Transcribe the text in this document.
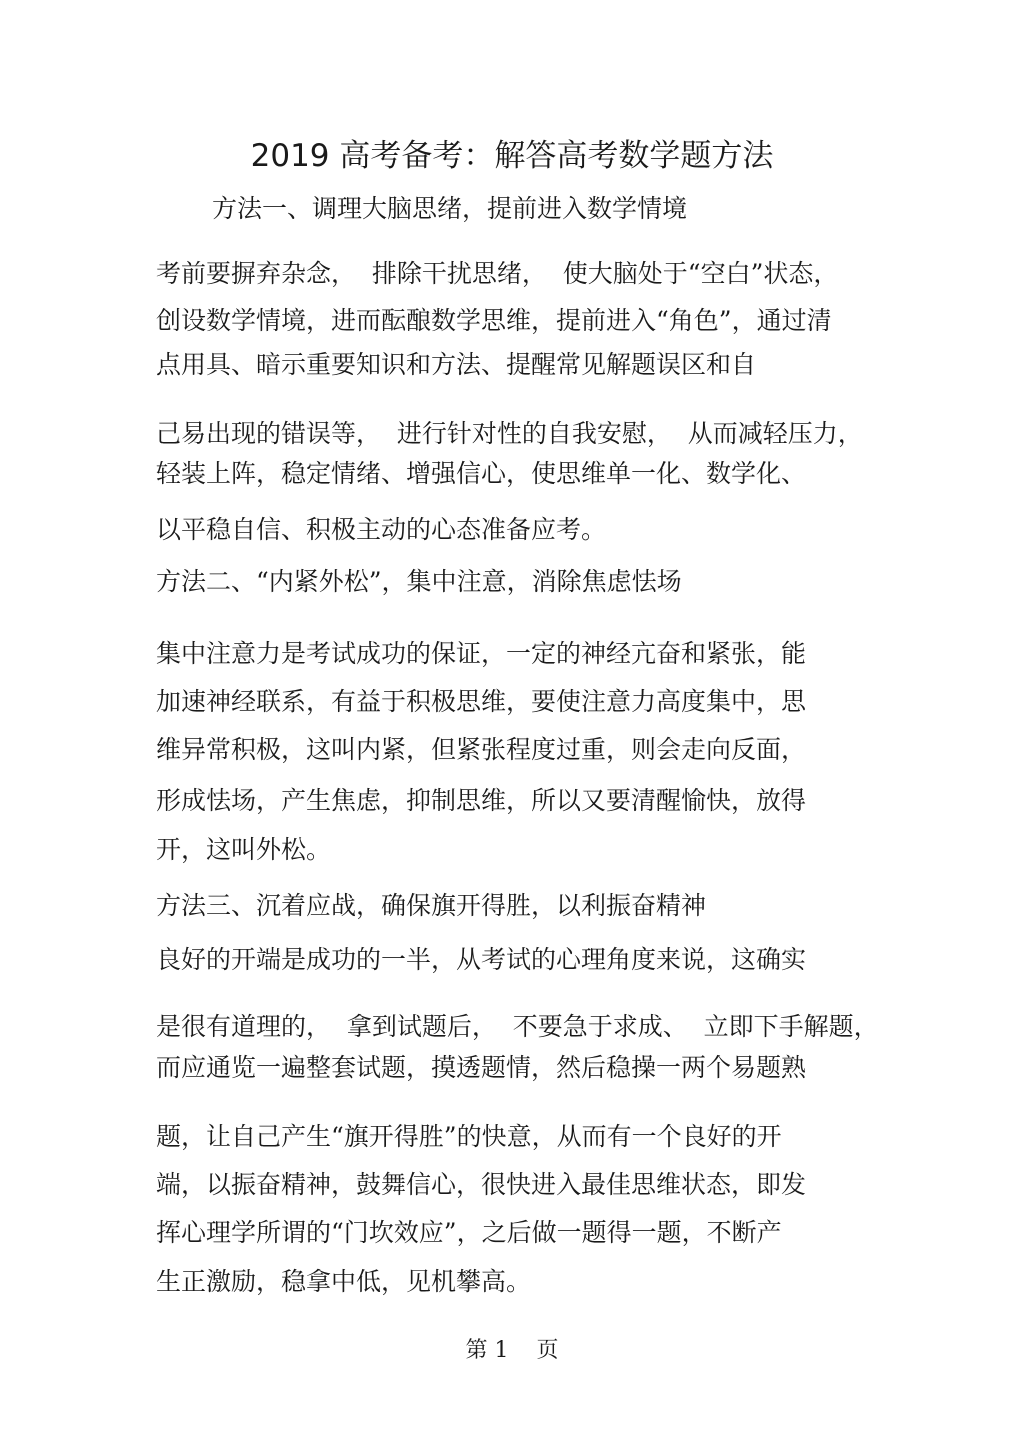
2019 高考备考：解答高考数学题方法

方法一、调理大脑思绪，提前进入数学情境

考前要摒弃杂念，  排除干扰思绪，  使大脑处于“空白”状态，

创设数学情境，进而酝酿数学思维，提前进入“角色”，通过清

点用具、暗示重要知识和方法、提醒常见解题误区和自

己易出现的错误等，  进行针对性的自我安慰，  从而减轻压力，

轻装上阵，稳定情绪、增强信心，使思维单一化、数学化、

以平稳自信、积极主动的心态准备应考。

方法二、“内紧外松”，集中注意，消除焦虑怯场

集中注意力是考试成功的保证，一定的神经亢奋和紧张，能

加速神经联系，有益于积极思维，要使注意力高度集中，思

维异常积极，这叫内紧，但紧张程度过重，则会走向反面，

形成怯场，产生焦虑，抑制思维，所以又要清醒愉快，放得

开，这叫外松。

方法三、沉着应战，确保旗开得胜，以利振奋精神

良好的开端是成功的一半，从考试的心理角度来说，这确实

是很有道理的，  拿到试题后，  不要急于求成、  立即下手解题，

而应通览一遍整套试题，摸透题情，然后稳操一两个易题熟

题，让自己产生“旗开得胜”的快意，从而有一个良好的开

端，以振奋精神，鼓舞信心，很快进入最佳思维状态，即发

挥心理学所谓的“门坎效应”，之后做一题得一题，不断产

生正激励，稳拿中低，见机攀高。

第 1    页
